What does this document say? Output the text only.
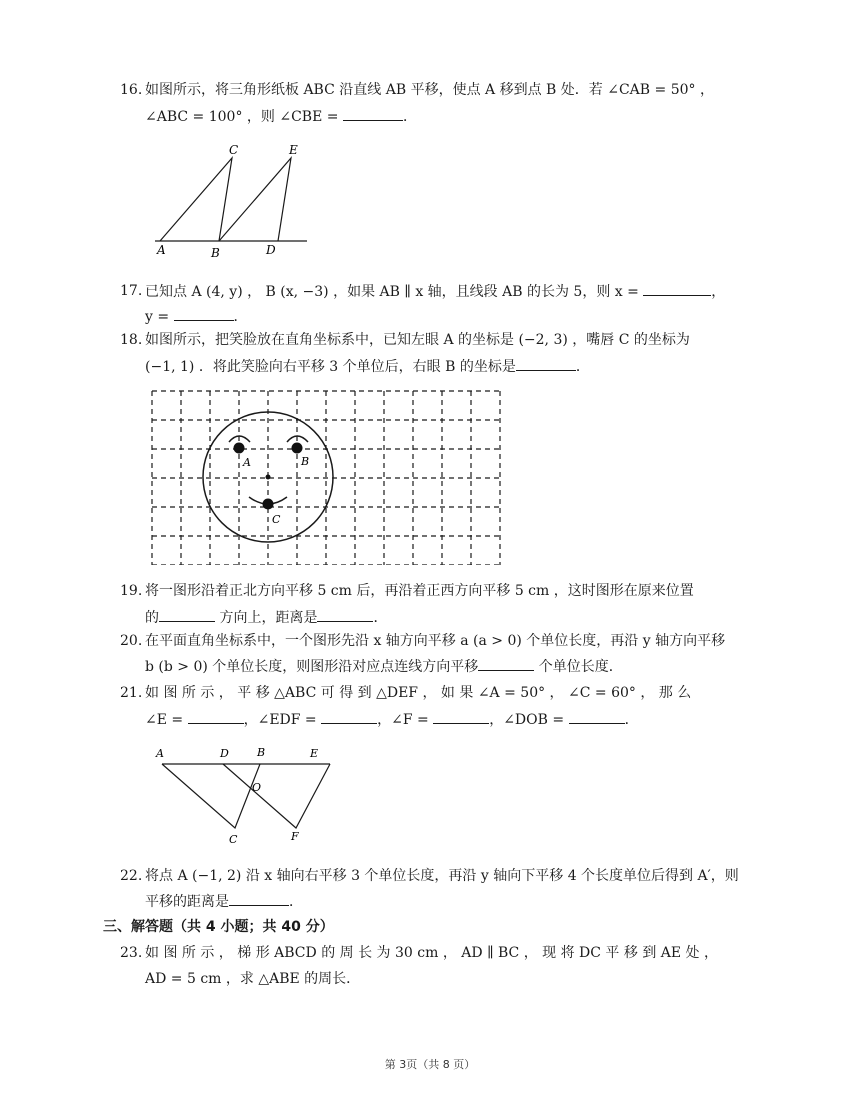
16. 如图所示，将三角形纸板 ABC 沿直线 AB 平移，使点 A 移到点 B 处．若 ∠CAB = 50° ，
∠ABC = 100° ，则 ∠CBE =	．
C	E
A	B	D
17. 已知点 A (4, y) ， B (x, −3) ，如果 AB ∥ x 轴，且线段 AB 的长为 5，则 x =	，
y =	．
18. 如图所示，把笑脸放在直角坐标系中，已知左眼 A 的坐标是 (−2, 3) ，嘴唇 C 的坐标为
(−1, 1) ．将此笑脸向右平移 3 个单位后，右眼 B 的坐标是	．
A	B
C
19. 将一图形沿着正北方向平移 5 cm 后，再沿着正西方向平移 5 cm ，这时图形在原来位置
的	方向上，距离是	．
20. 在平面直角坐标系中，一个图形先沿 x 轴方向平移 a (a > 0) 个单位长度，再沿 y 轴方向平移
b (b > 0) 个单位长度，则图形沿对应点连线方向平移	个单位长度．
21. 如 图 所 示 ， 平 移 △ABC 可 得 到 △DEF ， 如 果 ∠A = 50° ， ∠C = 60° ， 那 么
∠E =	，∠EDF =	，∠F =	，∠DOB =	．
A	D	B	E
O
C	F
22. 将点 A (−1, 2) 沿 x 轴向右平移 3 个单位长度，再沿 y 轴向下平移 4 个长度单位后得到 A′，则
平移的距离是	．
三、解答题（共 4 小题；共 40 分）
23. 如 图 所 示 ， 梯 形 ABCD 的 周 长 为 30 cm ， AD ∥ BC ， 现 将 DC 平 移 到 AE 处 ，
AD = 5 cm ，求 △ABE 的周长．
第 3页（共 8 页）
